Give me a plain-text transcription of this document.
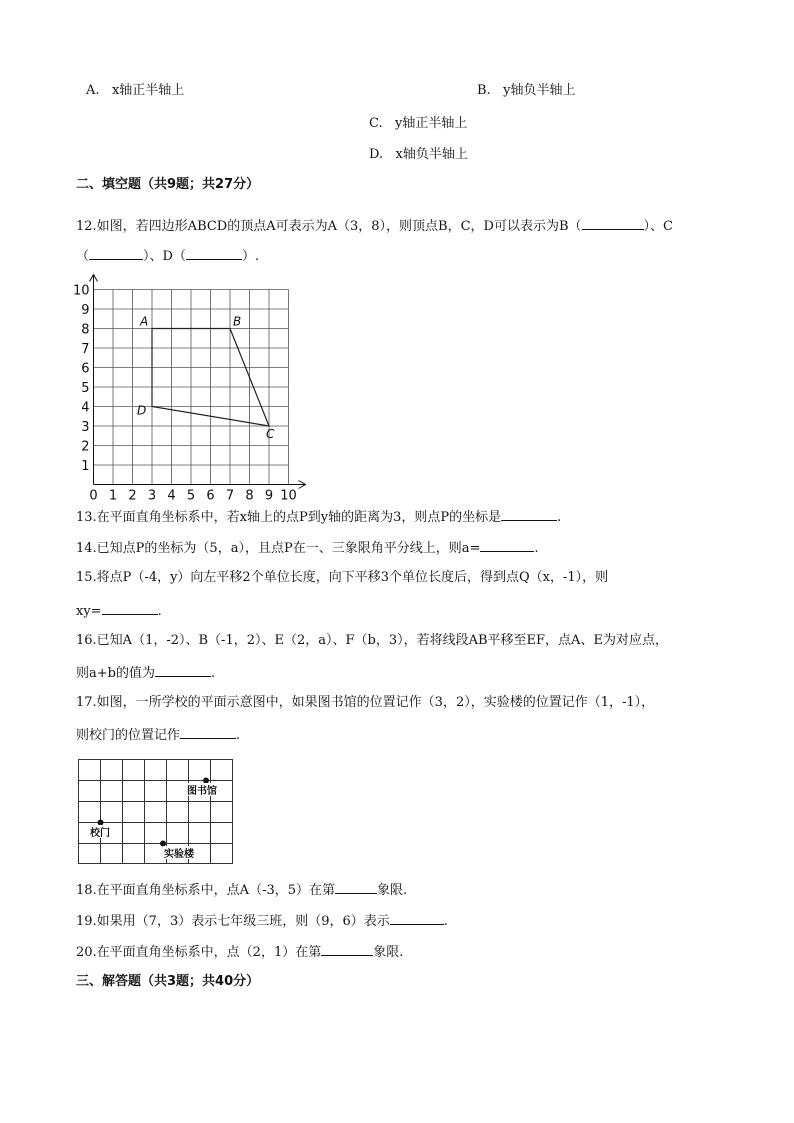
A. x轴正半轴上	B. y轴负半轴上
C. y轴正半轴上
D. x轴负半轴上
二、填空题（共9题；共27分）
12.如图，若四边形ABCD的顶点A可表示为A（3，8），则顶点B，C，D可以表示为B（	）、C
（	）、D（	）.
0 1 2 3 4 5 6 7 8 9 10
1
2
3
4
5
6
7
8
9
10
A	B
C
D
13.在平面直角坐标系中，若x轴上的点P到y轴的距离为3，则点P的坐标是	.
14.已知点P的坐标为（5，a），且点P在一、三象限角平分线上，则a=	.
15.将点P（-4，y）向左平移2个单位长度，向下平移3个单位长度后，得到点Q（x，-1），则
xy=	.
16.已知A（1，-2）、B（-1，2）、E（2，a）、F（b，3），若将线段AB平移至EF，点A、E为对应点，
则a+b的值为	.
17.如图，一所学校的平面示意图中，如果图书馆的位置记作（3，2），实验楼的位置记作（1，-1），
则校门的位置记作	.
图书馆
校门
实验楼
18.在平面直角坐标系中，点A（-3，5）在第	象限.
19.如果用（7，3）表示七年级三班，则（9，6）表示	.
20.在平面直角坐标系中，点（2，1）在第	象限.
三、解答题（共3题；共40分）
